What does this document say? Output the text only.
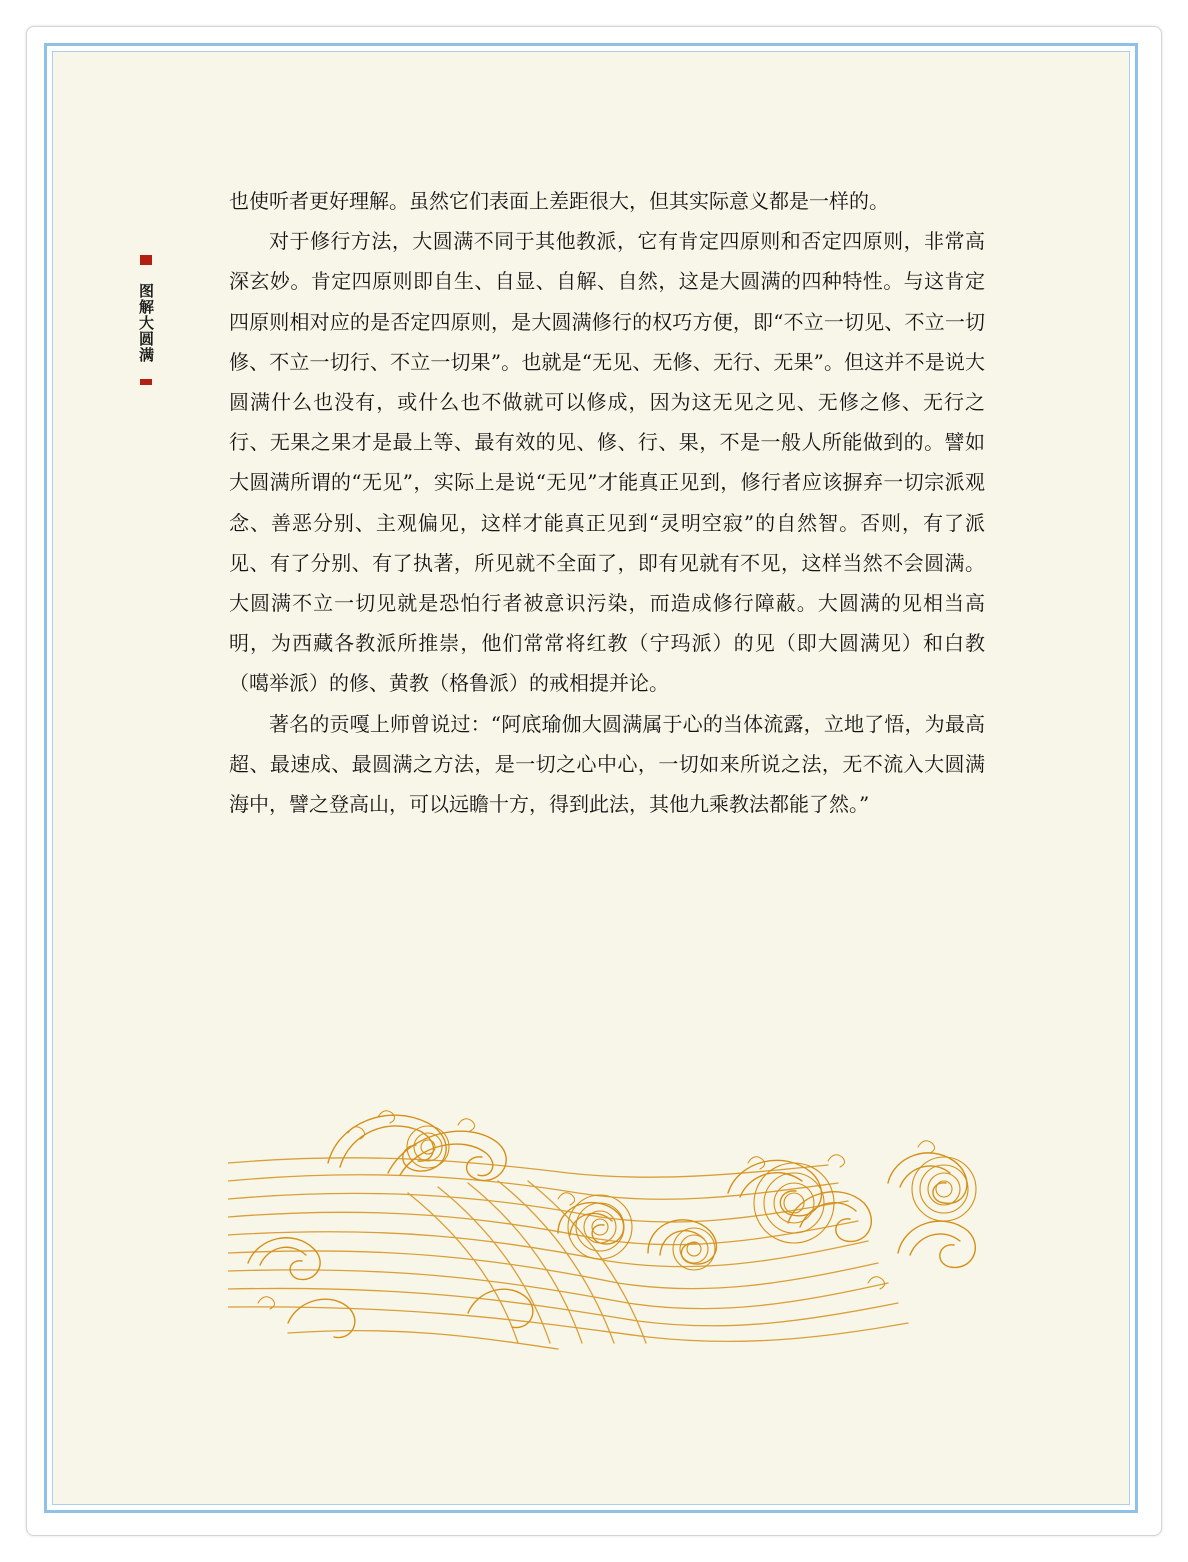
图解大圆满

也使听者更好理解。虽然它们表面上差距很大，但其实际意义都是一样的。

对于修行方法，大圆满不同于其他教派，它有肯定四原则和否定四原则，非常高深玄妙。肯定四原则即自生、自显、自解、自然，这是大圆满的四种特性。与这肯定四原则相对应的是否定四原则，是大圆满修行的权巧方便，即“不立一切见、不立一切修、不立一切行、不立一切果”。也就是“无见、无修、无行、无果”。但这并不是说大圆满什么也没有，或什么也不做就可以修成，因为这无见之见、无修之修、无行之行、无果之果才是最上等、最有效的见、修、行、果，不是一般人所能做到的。譬如大圆满所谓的“无见”，实际上是说“无见”才能真正见到，修行者应该摒弃一切宗派观念、善恶分别、主观偏见，这样才能真正见到“灵明空寂”的自然智。否则，有了派见、有了分别、有了执著，所见就不全面了，即有见就有不见，这样当然不会圆满。大圆满不立一切见就是恐怕行者被意识污染，而造成修行障蔽。大圆满的见相当高明，为西藏各教派所推崇，他们常常将红教（宁玛派）的见（即大圆满见）和白教（噶举派）的修、黄教（格鲁派）的戒相提并论。

著名的贡嘎上师曾说过：“阿底瑜伽大圆满属于心的当体流露，立地了悟，为最高超、最速成、最圆满之方法，是一切之心中心，一切如来所说之法，无不流入大圆满海中，譬之登高山，可以远瞻十方，得到此法，其他九乘教法都能了然。”
